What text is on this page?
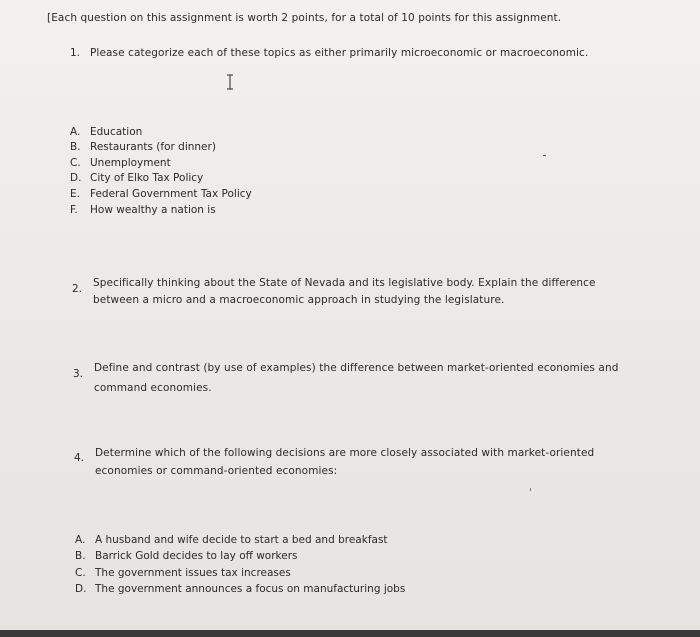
[Each question on this assignment is worth 2 points, for a total of 10 points for this assignment.
1. Please categorize each of these topics as either primarily microeconomic or macroeconomic.
A. Education
B. Restaurants (for dinner)
C. Unemployment
D. City of Elko Tax Policy
E. Federal Government Tax Policy
F. How wealthy a nation is
2. Specifically thinking about the State of Nevada and its legislative body. Explain the difference
between a micro and a macroeconomic approach in studying the legislature.
3. Define and contrast (by use of examples) the difference between market-oriented economies and
command economies.
4. Determine which of the following decisions are more closely associated with market-oriented
economies or command-oriented economies:
A. A husband and wife decide to start a bed and breakfast
B. Barrick Gold decides to lay off workers
C. The government issues tax increases
D. The government announces a focus on manufacturing jobs
